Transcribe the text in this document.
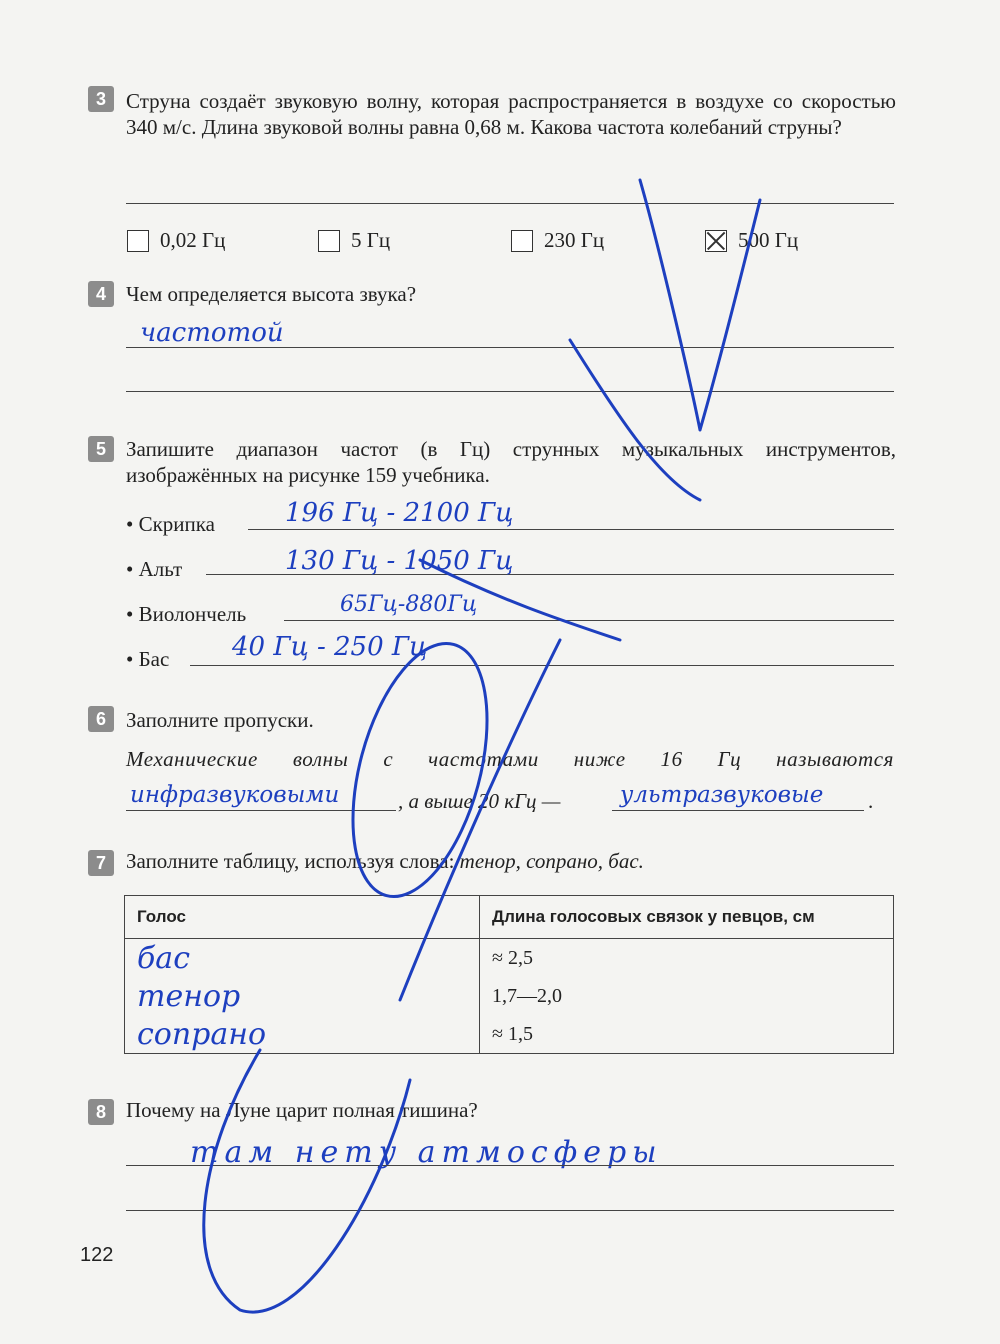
3 Струна создаёт звуковую волну, которая распространяется в воздухе со скоростью 340 м/с. Длина звуковой волны равна 0,68 м. Какова частота колебаний струны?
0,02 Гц	5 Гц	230 Гц	500 Гц
4 Чем определяется высота звука?
частотой
5 Запишите диапазон частот (в Гц) струнных музыкальных инструментов, изображённых на рисунке 159 учебника.
• Скрипка	196 Гц - 2100 Гц
• Альт	130 Гц - 1050 Гц
• Виолончель	65Гц-880Гц
• Бас 40 Гц - 250 Гц
6 Заполните пропуски.
Механические волны с частотами ниже 16 Гц называются
инфразвуковыми	, а выше 20 кГц —	ультразвуковые .
7 Заполните таблицу, используя слова: тенор, сопрано, бас.
Голос	Длина голосовых связок у певцов, см
бас	≈ 2,5
тенор	1,7—2,0
сопрано	≈ 1,5
8 Почему на Луне царит полная тишина?
там нету атмосферы
122
